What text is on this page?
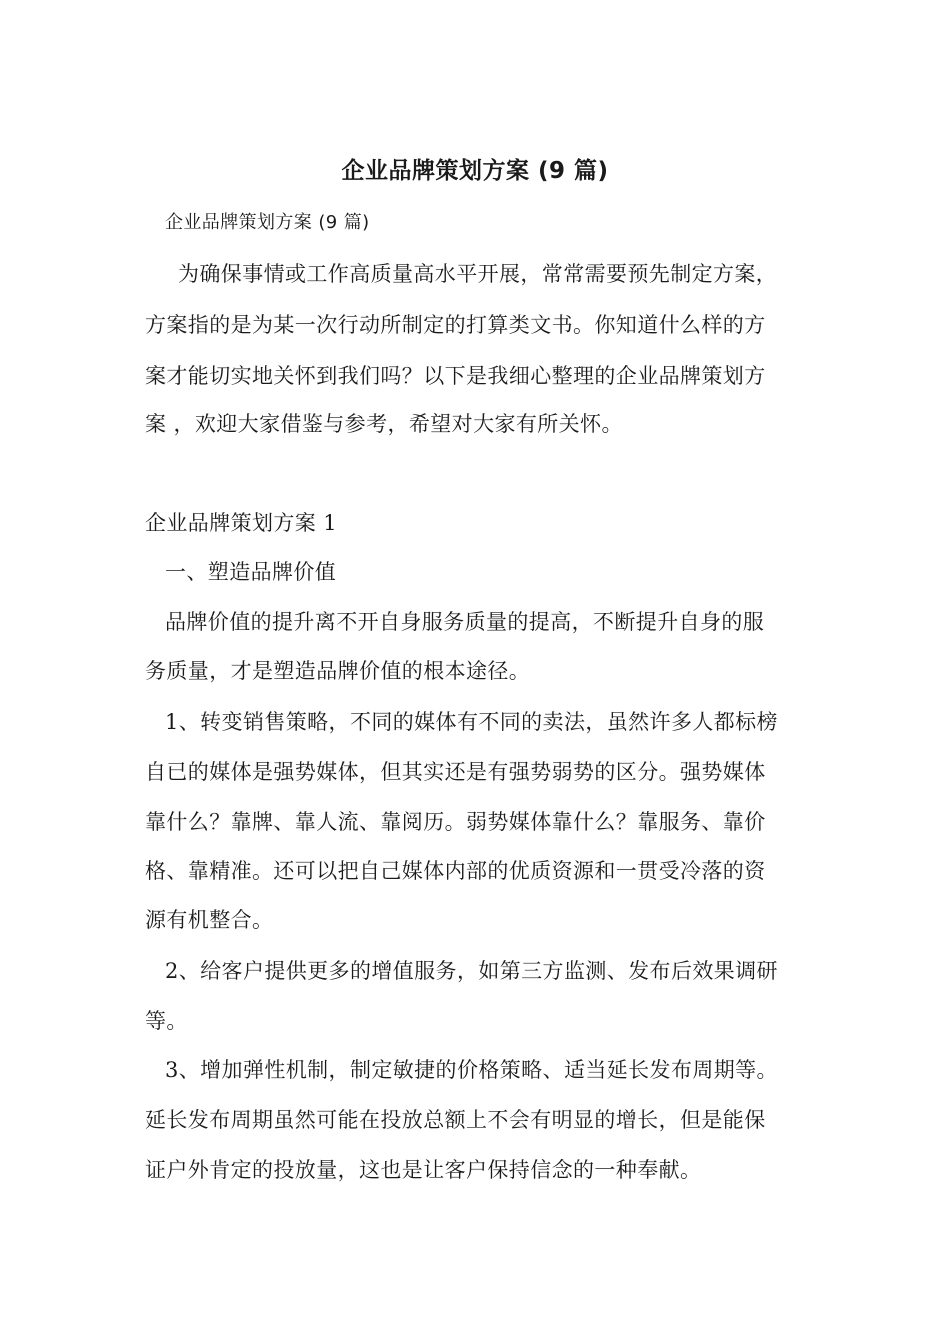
企业品牌策划方案 (9 篇)
企业品牌策划方案 (9 篇)
为确保事情或工作高质量高水平开展，常常需要预先制定方案，
方案指的是为某一次行动所制定的打算类文书。你知道什么样的方
案才能切实地关怀到我们吗？以下是我细心整理的企业品牌策划方
案 ，欢迎大家借鉴与参考，希望对大家有所关怀。
企业品牌策划方案 1
一、塑造品牌价值
品牌价值的提升离不开自身服务质量的提高，不断提升自身的服
务质量，才是塑造品牌价值的根本途径。
1、转变销售策略，不同的媒体有不同的卖法，虽然许多人都标榜
自已的媒体是强势媒体，但其实还是有强势弱势的区分。强势媒体
靠什么？靠牌、靠人流、靠阅历。弱势媒体靠什么？靠服务、靠价
格、靠精准。还可以把自己媒体内部的优质资源和一贯受冷落的资
源有机整合。
2、给客户提供更多的增值服务，如第三方监测、发布后效果调研
等。
3、增加弹性机制，制定敏捷的价格策略、适当延长发布周期等。
延长发布周期虽然可能在投放总额上不会有明显的增长，但是能保
证户外肯定的投放量，这也是让客户保持信念的一种奉献。
